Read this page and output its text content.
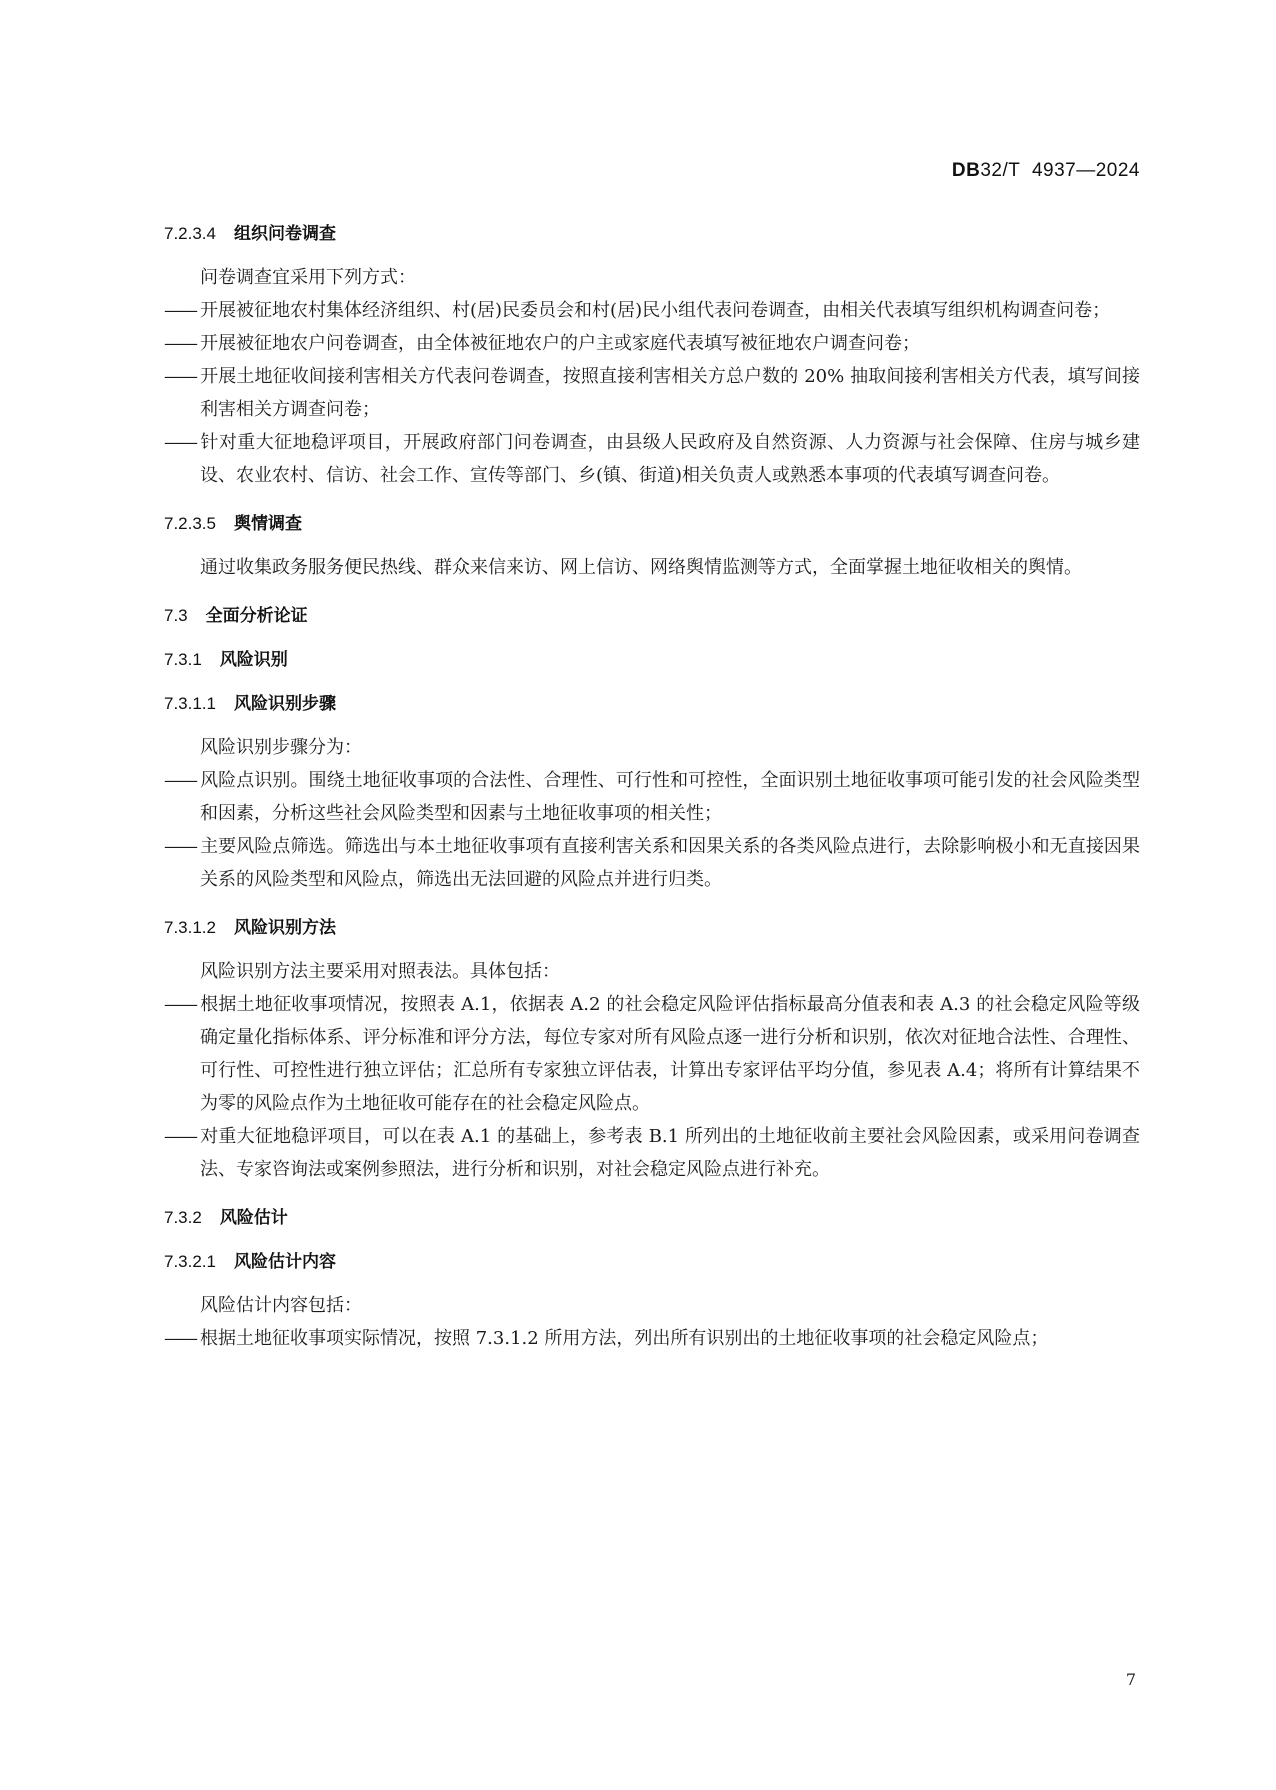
DB32/T 4937—2024
7.2.3.4 组织问卷调查

问卷调查宜采用下列方式：

—— 开展被征地农村集体经济组织、村(居)民委员会和村(居)民小组代表问卷调查，由相关代表填写组织机构调查问卷；

—— 开展被征地农户问卷调查，由全体被征地农户的户主或家庭代表填写被征地农户调查问卷；

—— 开展土地征收间接利害相关方代表问卷调查，按照直接利害相关方总户数的 20% 抽取间接利害相关方代表，填写间接利害相关方调查问卷；

—— 针对重大征地稳评项目，开展政府部门问卷调查，由县级人民政府及自然资源、人力资源与社会保障、住房与城乡建设、农业农村、信访、社会工作、宣传等部门、乡(镇、街道)相关负责人或熟悉本事项的代表填写调查问卷。

7.2.3.5 舆情调查

通过收集政务服务便民热线、群众来信来访、网上信访、网络舆情监测等方式，全面掌握土地征收相关的舆情。

7.3 全面分析论证
7.3.1 风险识别
7.3.1.1 风险识别步骤

风险识别步骤分为：

—— 风险点识别。围绕土地征收事项的合法性、合理性、可行性和可控性，全面识别土地征收事项可能引发的社会风险类型和因素，分析这些社会风险类型和因素与土地征收事项的相关性；

—— 主要风险点筛选。筛选出与本土地征收事项有直接利害关系和因果关系的各类风险点进行，去除影响极小和无直接因果关系的风险类型和风险点，筛选出无法回避的风险点并进行归类。

7.3.1.2 风险识别方法

风险识别方法主要采用对照表法。具体包括：

—— 根据土地征收事项情况，按照表 A.1，依据表 A.2 的社会稳定风险评估指标最高分值表和表 A.3 的社会稳定风险等级确定量化指标体系、评分标准和评分方法，每位专家对所有风险点逐一进行分析和识别，依次对征地合法性、合理性、可行性、可控性进行独立评估；汇总所有专家独立评估表，计算出专家评估平均分值，参见表 A.4；将所有计算结果不为零的风险点作为土地征收可能存在的社会稳定风险点。

—— 对重大征地稳评项目，可以在表 A.1 的基础上，参考表 B.1 所列出的土地征收前主要社会风险因素，或采用问卷调查法、专家咨询法或案例参照法，进行分析和识别，对社会稳定风险点进行补充。

7.3.2 风险估计
7.3.2.1 风险估计内容

风险估计内容包括：

—— 根据土地征收事项实际情况，按照 7.3.1.2 所用方法，列出所有识别出的土地征收事项的社会稳定风险点；

7
